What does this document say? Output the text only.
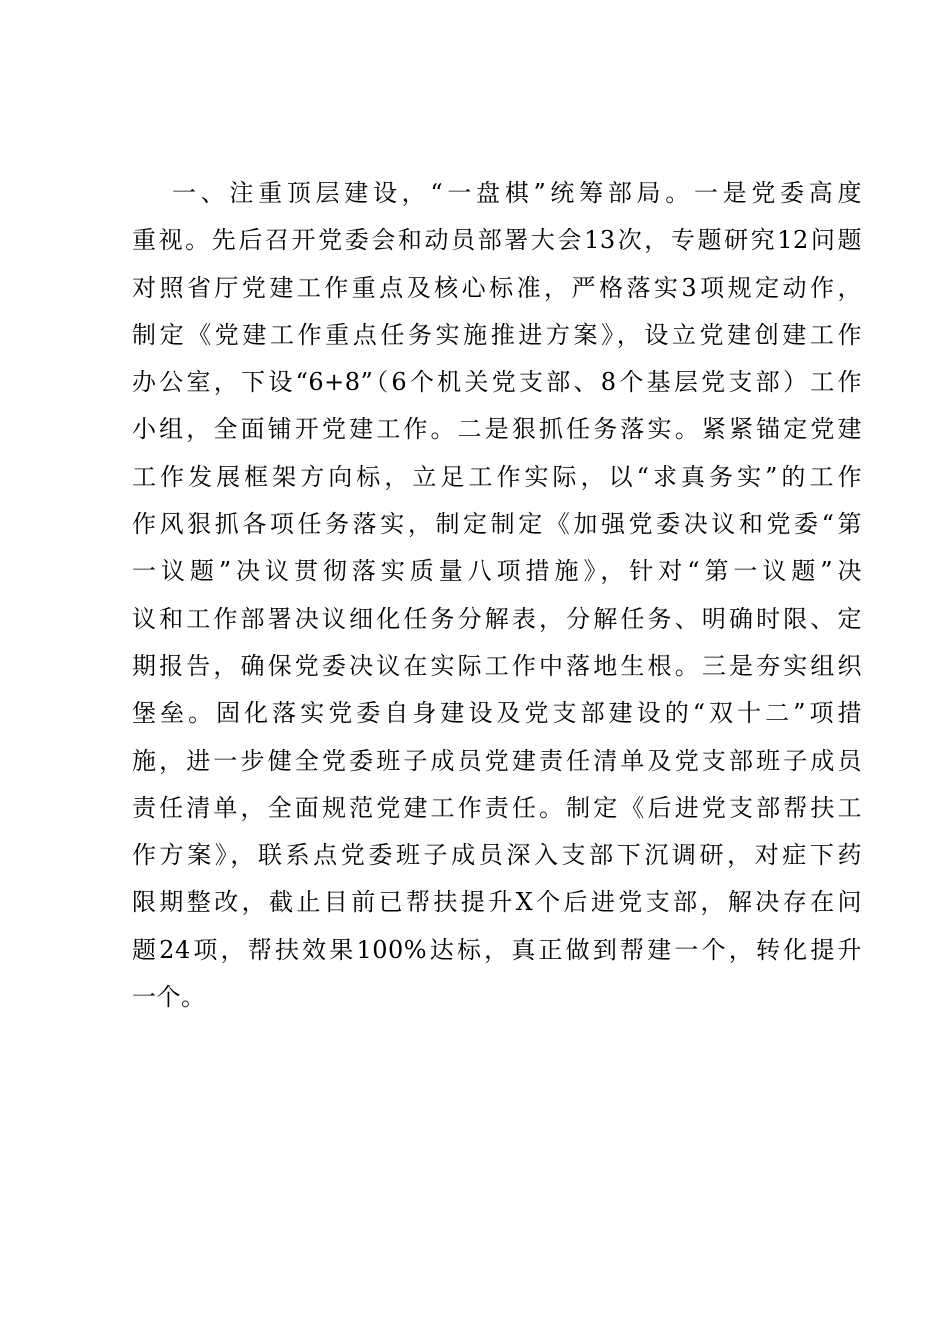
一、注重顶层建设，“一盘棋”统筹部局。一是党委高度
重视。先后召开党委会和动员部署大会13次，专题研究12问题
对照省厅党建工作重点及核心标准，严格落实3项规定动作，
制定《党建工作重点任务实施推进方案》，设立党建创建工作
办公室，下设“6+8”（6个机关党支部、8个基层党支部）工作
小组，全面铺开党建工作。二是狠抓任务落实。紧紧锚定党建
工作发展框架方向标，立足工作实际，以“求真务实”的工作
作风狠抓各项任务落实，制定制定《加强党委决议和党委“第
一议题”决议贯彻落实质量八项措施》，针对“第一议题”决
议和工作部署决议细化任务分解表，分解任务、明确时限、定
期报告，确保党委决议在实际工作中落地生根。三是夯实组织
堡垒。固化落实党委自身建设及党支部建设的“双十二”项措
施，进一步健全党委班子成员党建责任清单及党支部班子成员
责任清单，全面规范党建工作责任。制定《后进党支部帮扶工
作方案》，联系点党委班子成员深入支部下沉调研，对症下药
限期整改，截止目前已帮扶提升X个后进党支部，解决存在问
题24项，帮扶效果100%达标，真正做到帮建一个，转化提升
一个。
